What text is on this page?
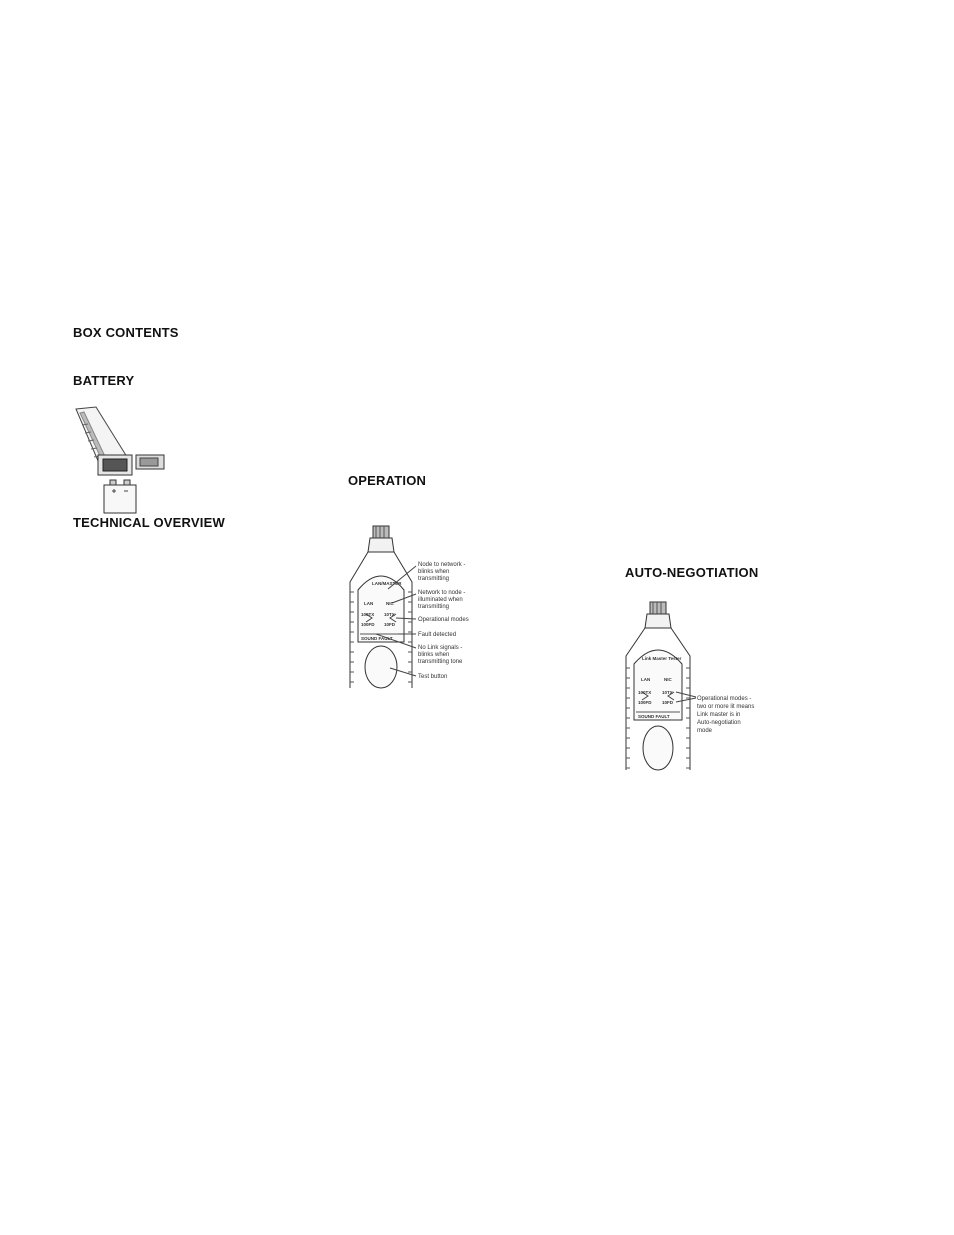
BOX CONTENTS
BATTERY
TECHNICAL OVERVIEW
OPERATION
AUTO-NEGOTIATION
LAN/MASTER
LAN	NIC
100TX 10TX
100FD 10FD
SOUND FAULT
Node to network - blinks when transmitting
Network to node - illuminated when transmitting
Operational modes
Fault detected
No Link signals - blinks when transmitting tone
Test button
Link Master Tester
LAN	NIC
100TX 10TX
100FD 10FD
SOUND FAULT
Operational modes - two or more lit means Link master is in Auto-negotiation mode
